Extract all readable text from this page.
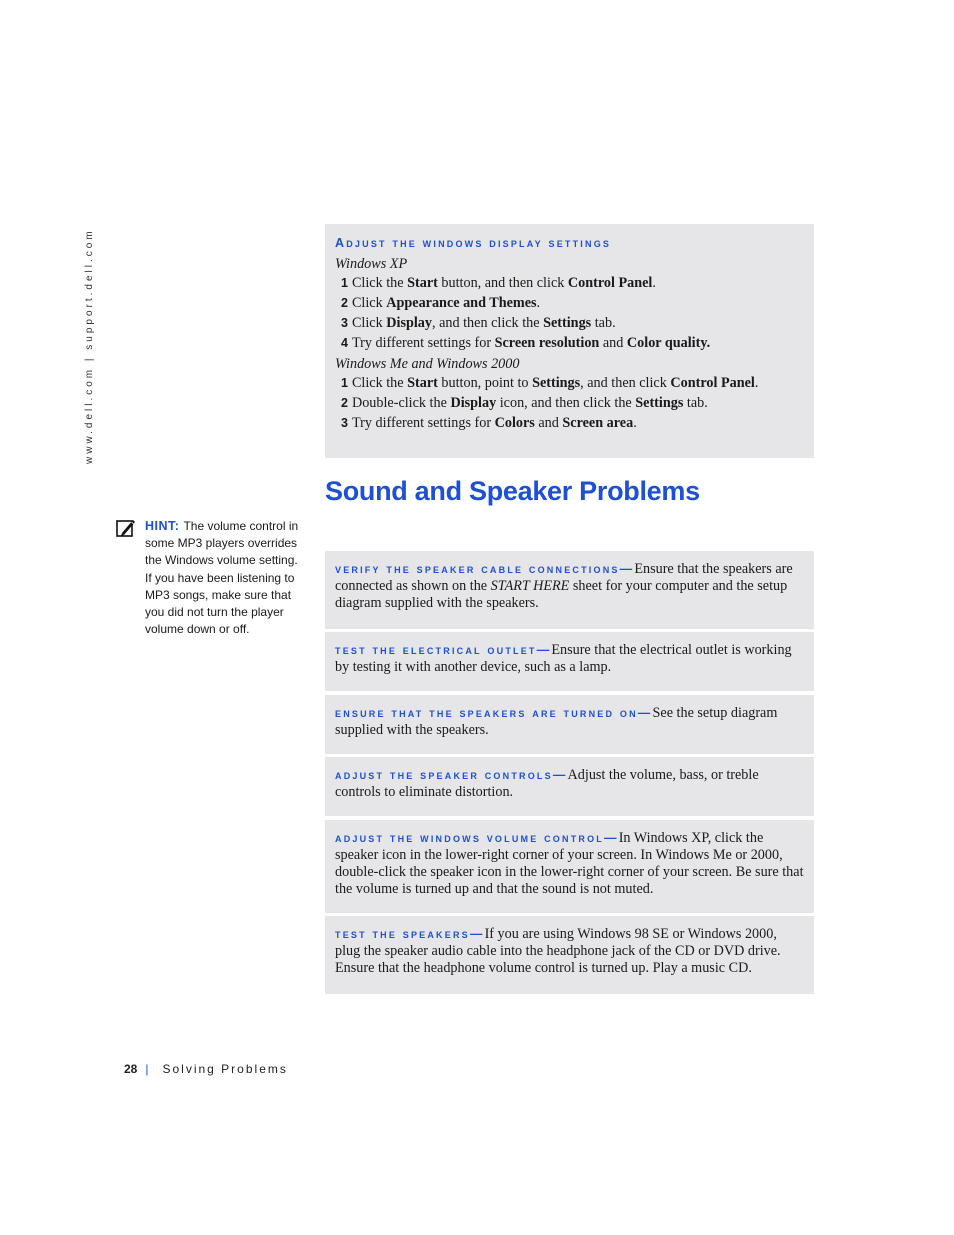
www.dell.com | support.dell.com	adjust the windows display settings
Windows XP
1 Click the Start button, and then click Control Panel.
2 Click Appearance and Themes.
3 Click Display, and then click the Settings tab.
4 Try different settings for Screen resolution and Color quality.
Windows Me and Windows 2000
1 Click the Start button, point to Settings, and then click Control Panel.
2 Double-click the Display icon, and then click the Settings tab.
3 Try different settings for Colors and Screen area.
Sound and Speaker Problems
HINT: The volume control in some MP3 players overrides the Windows volume setting. If you have been listening to MP3 songs, make sure that you did not turn the player volume down or off.
verify the speaker cable connections—Ensure that the speakers are connected as shown on the START HERE sheet for your computer and the setup diagram supplied with the speakers.
test the electrical outlet—Ensure that the electrical outlet is working by testing it with another device, such as a lamp.
ensure that the speakers are turned on—See the setup diagram supplied with the speakers.
adjust the speaker controls—Adjust the volume, bass, or treble controls to eliminate distortion.
adjust the windows volume control—In Windows XP, click the speaker icon in the lower-right corner of your screen. In Windows Me or 2000, double-click the speaker icon in the lower-right corner of your screen. Be sure that the volume is turned up and that the sound is not muted.
test the speakers—If you are using Windows 98 SE or Windows 2000, plug the speaker audio cable into the headphone jack of the CD or DVD drive. Ensure that the headphone volume control is turned up. Play a music CD.
28 | Solving Problems
